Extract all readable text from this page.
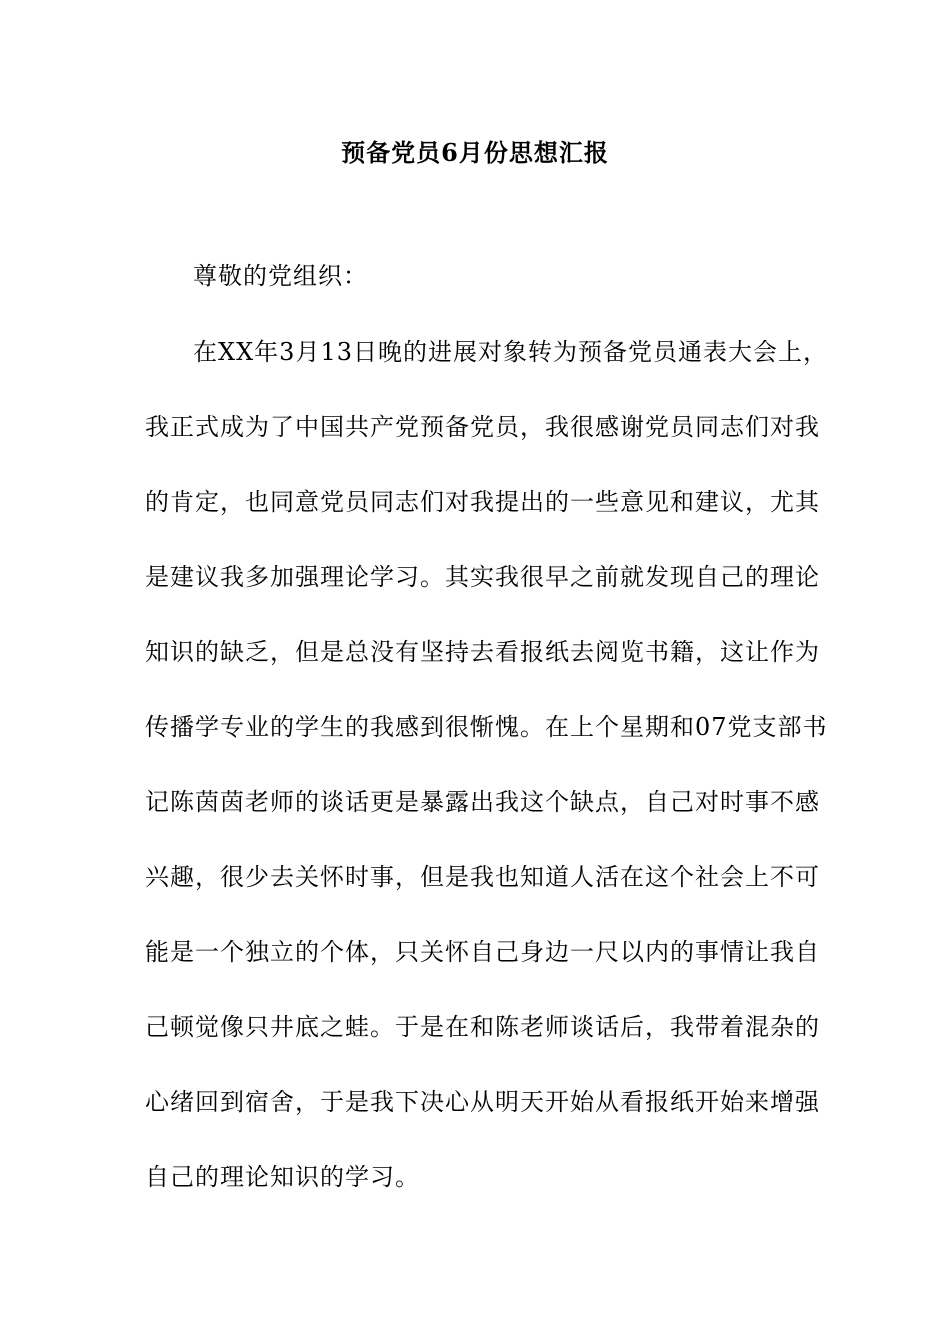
预备党员6月份思想汇报
尊敬的党组织：
在XX年3月13日晚的进展对象转为预备党员通表大会上，
我正式成为了中国共产党预备党员，我很感谢党员同志们对我
的肯定，也同意党员同志们对我提出的一些意见和建议，尤其
是建议我多加强理论学习。其实我很早之前就发现自己的理论
知识的缺乏，但是总没有坚持去看报纸去阅览书籍，这让作为
传播学专业的学生的我感到很惭愧。在上个星期和07党支部书
记陈茵茵老师的谈话更是暴露出我这个缺点，自己对时事不感
兴趣，很少去关怀时事，但是我也知道人活在这个社会上不可
能是一个独立的个体，只关怀自己身边一尺以内的事情让我自
己顿觉像只井底之蛙。于是在和陈老师谈话后，我带着混杂的
心绪回到宿舍，于是我下决心从明天开始从看报纸开始来增强
自己的理论知识的学习。
